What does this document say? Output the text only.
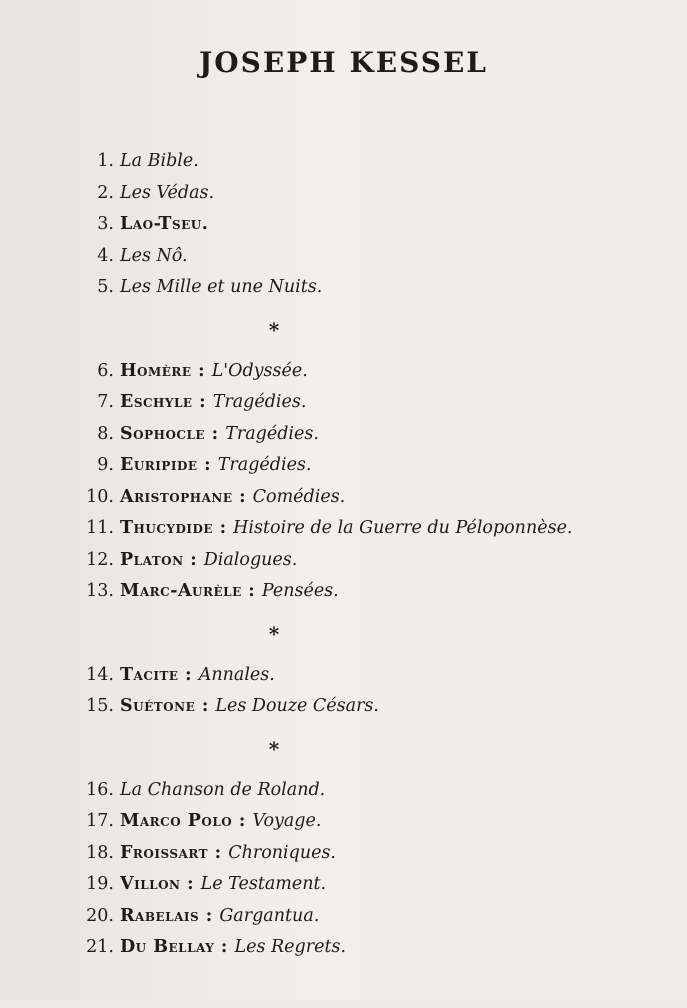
JOSEPH KESSEL
1. La Bible.
2. Les Védas.
3. Lao-Tseu.
4. Les Nô.
5. Les Mille et une Nuits.
*
6. Homère : L'Odyssée.
7. Eschyle : Tragédies.
8. Sophocle : Tragédies.
9. Euripide : Tragédies.
10. Aristophane : Comédies.
11. Thucydide : Histoire de la Guerre du Péloponnèse.
12. Platon : Dialogues.
13. Marc-Aurèle : Pensées.
*
14. Tacite : Annales.
15. Suétone : Les Douze Césars.
*
16. La Chanson de Roland.
17. Marco Polo : Voyage.
18. Froissart : Chroniques.
19. Villon : Le Testament.
20. Rabelais : Gargantua.
21. Du Bellay : Les Regrets.
